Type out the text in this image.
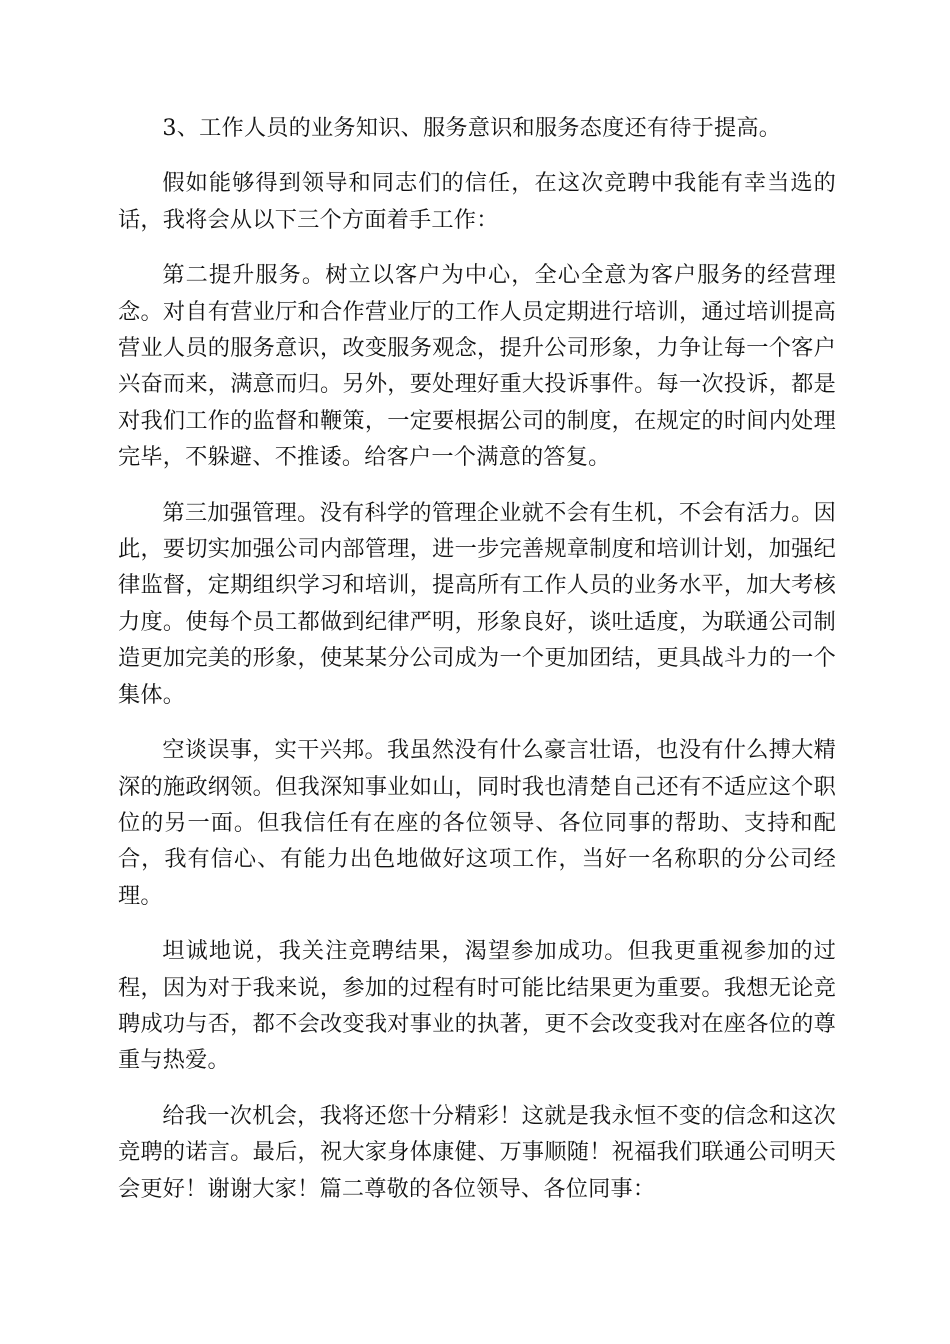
3、工作人员的业务知识、服务意识和服务态度还有待于提高。

假如能够得到领导和同志们的信任，在这次竞聘中我能有幸当选的话，我将会从以下三个方面着手工作：

第二提升服务。树立以客户为中心，全心全意为客户服务的经营理念。对自有营业厅和合作营业厅的工作人员定期进行培训，通过培训提高营业人员的服务意识，改变服务观念，提升公司形象，力争让每一个客户兴奋而来，满意而归。另外，要处理好重大投诉事件。每一次投诉，都是对我们工作的监督和鞭策，一定要根据公司的制度，在规定的时间内处理完毕，不躲避、不推诿。给客户一个满意的答复。

第三加强管理。没有科学的管理企业就不会有生机，不会有活力。因此，要切实加强公司内部管理，进一步完善规章制度和培训计划，加强纪律监督，定期组织学习和培训，提高所有工作人员的业务水平，加大考核力度。使每个员工都做到纪律严明，形象良好，谈吐适度，为联通公司制造更加完美的形象，使某某分公司成为一个更加团结，更具战斗力的一个集体。

空谈误事，实干兴邦。我虽然没有什么豪言壮语，也没有什么搏大精深的施政纲领。但我深知事业如山，同时我也清楚自己还有不适应这个职位的另一面。但我信任有在座的各位领导、各位同事的帮助、支持和配合，我有信心、有能力出色地做好这项工作，当好一名称职的分公司经理。

坦诚地说，我关注竞聘结果，渴望参加成功。但我更重视参加的过程，因为对于我来说，参加的过程有时可能比结果更为重要。我想无论竞聘成功与否，都不会改变我对事业的执著，更不会改变我对在座各位的尊重与热爱。

给我一次机会，我将还您十分精彩！这就是我永恒不变的信念和这次竞聘的诺言。最后，祝大家身体康健、万事顺随！祝福我们联通公司明天会更好！谢谢大家！篇二尊敬的各位领导、各位同事：
